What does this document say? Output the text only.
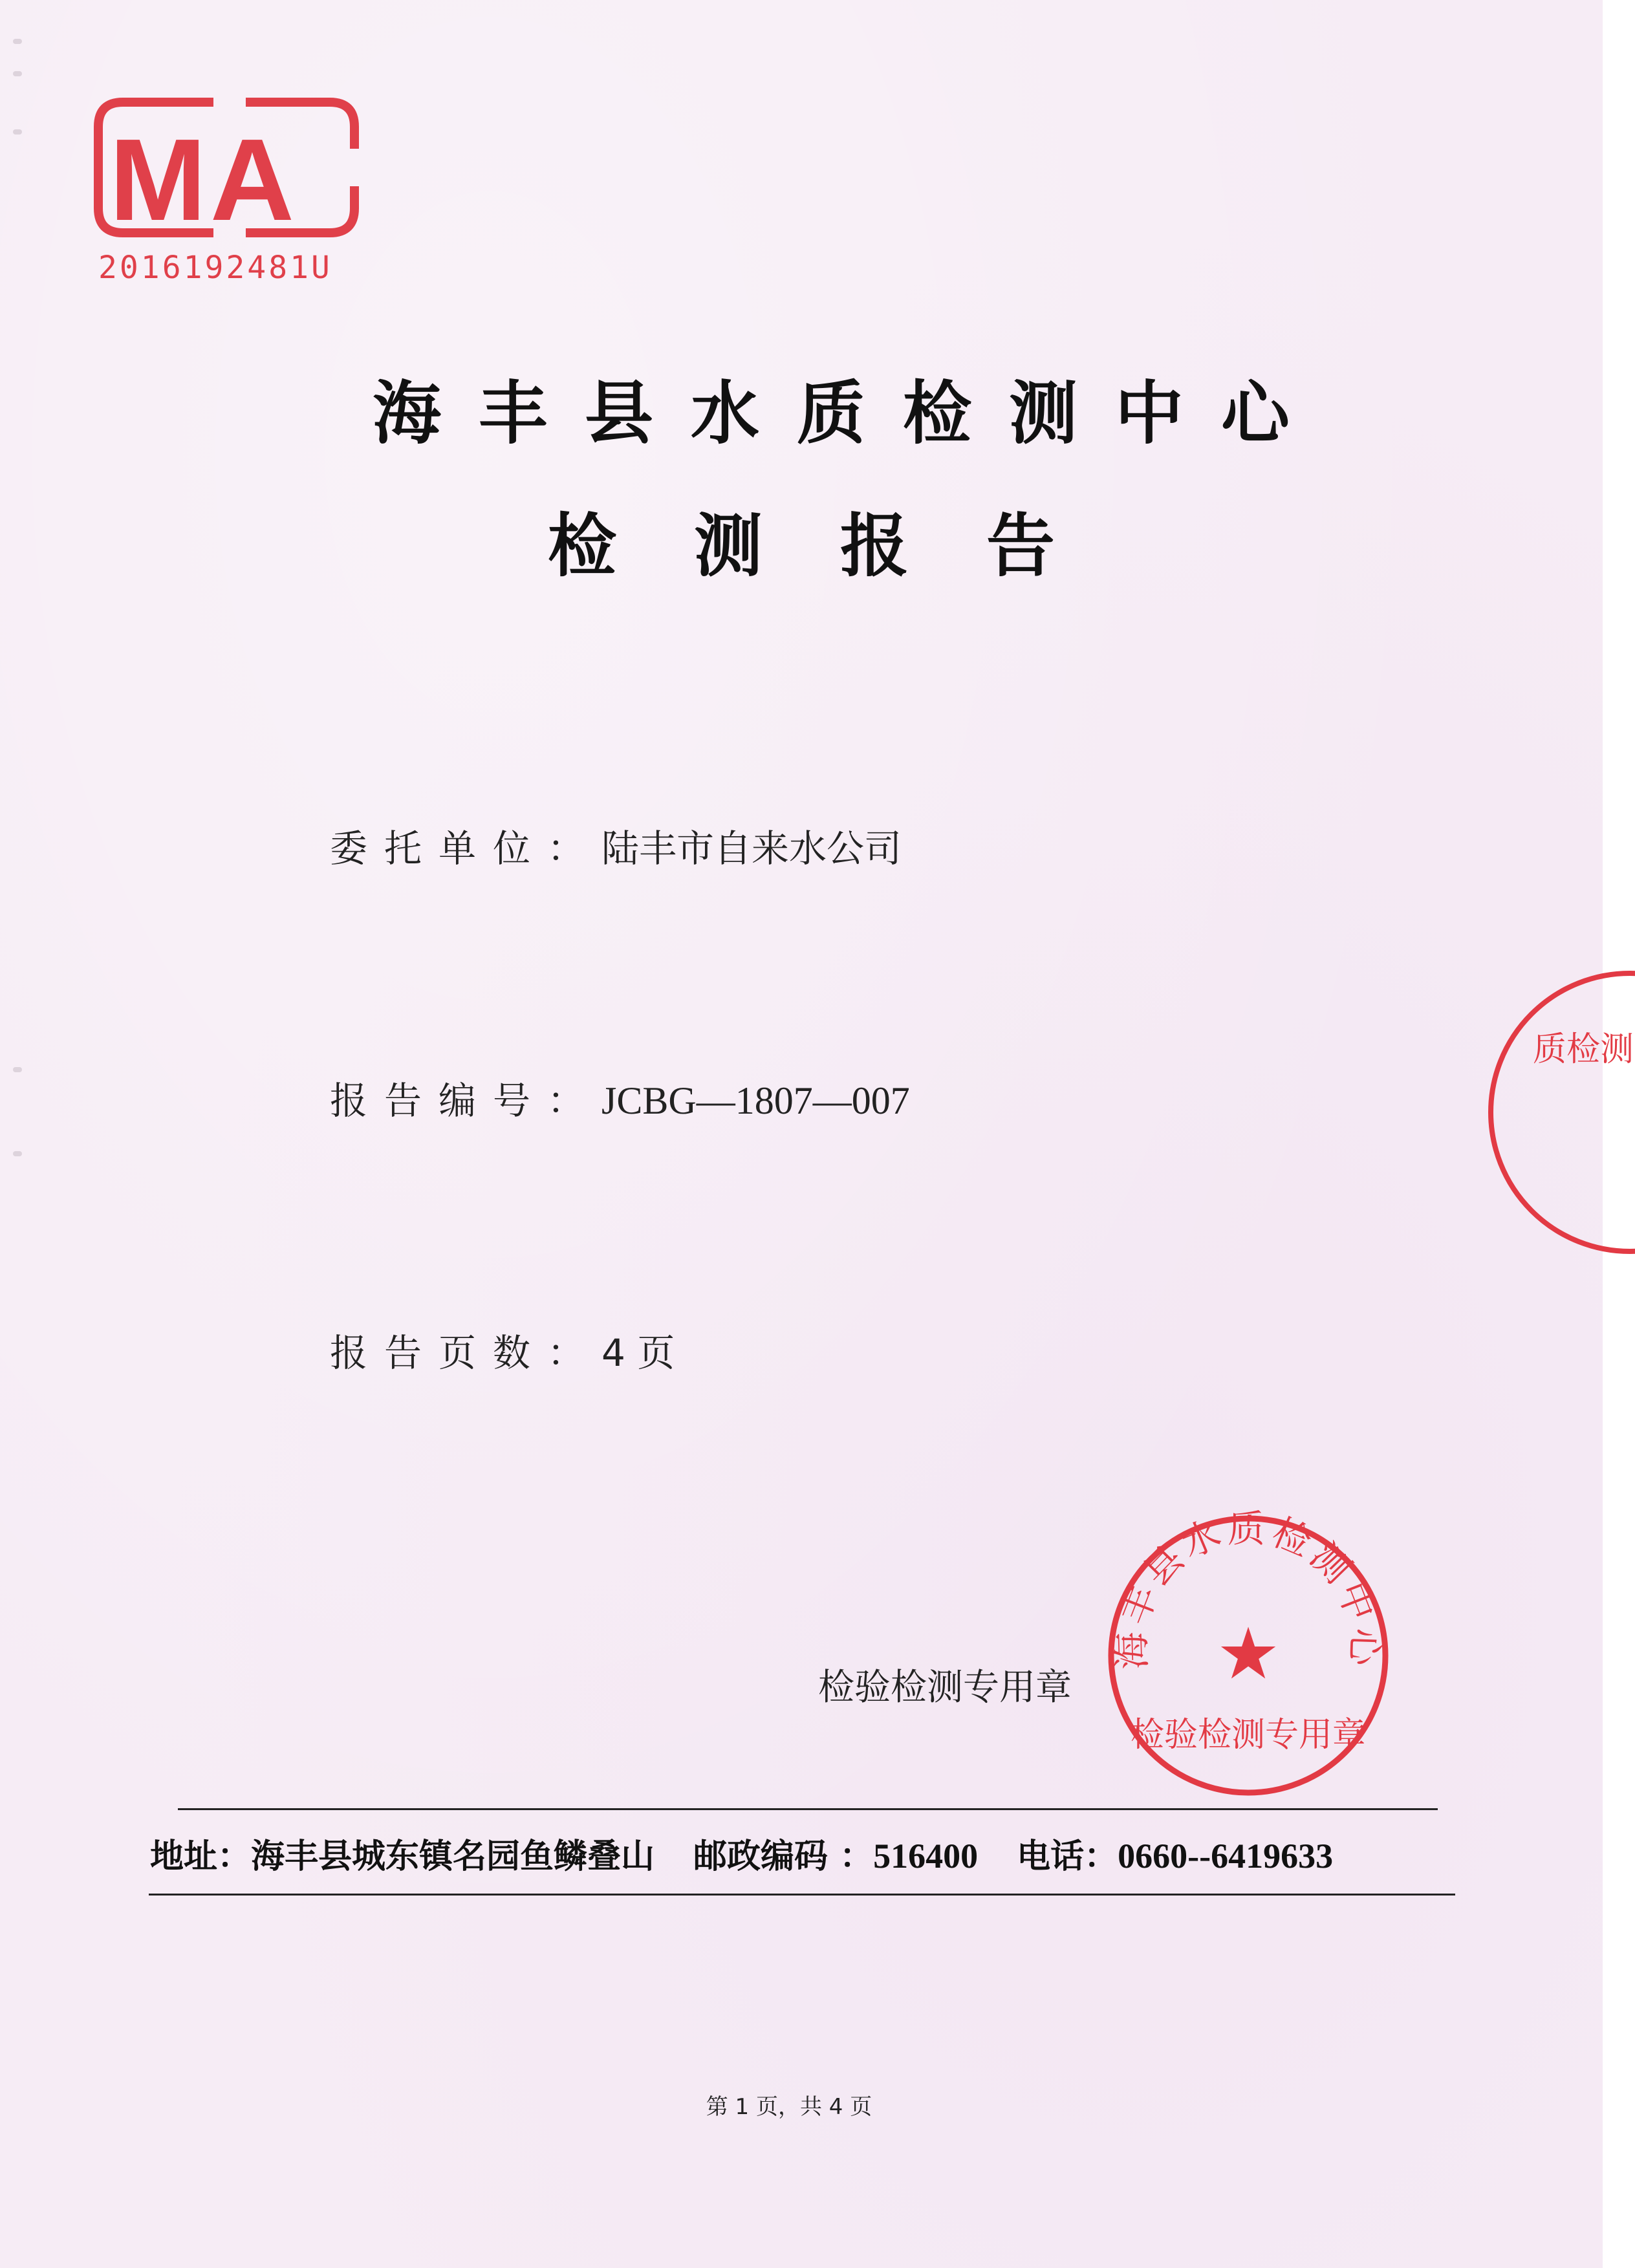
MA
2016192481U
海丰县水质检测中心
检测报告
委托单位：陆丰市自来水公司
报告编号：JCBG—1807—007
报告页数：4 页
质检测
检验检测专用章
海丰县水质检测中心
★
检验检测专用章
地址：海丰县城东镇名园鱼鳞叠山 邮政编码 ：516400 电话：0660--6419633
第 1 页，共 4 页
